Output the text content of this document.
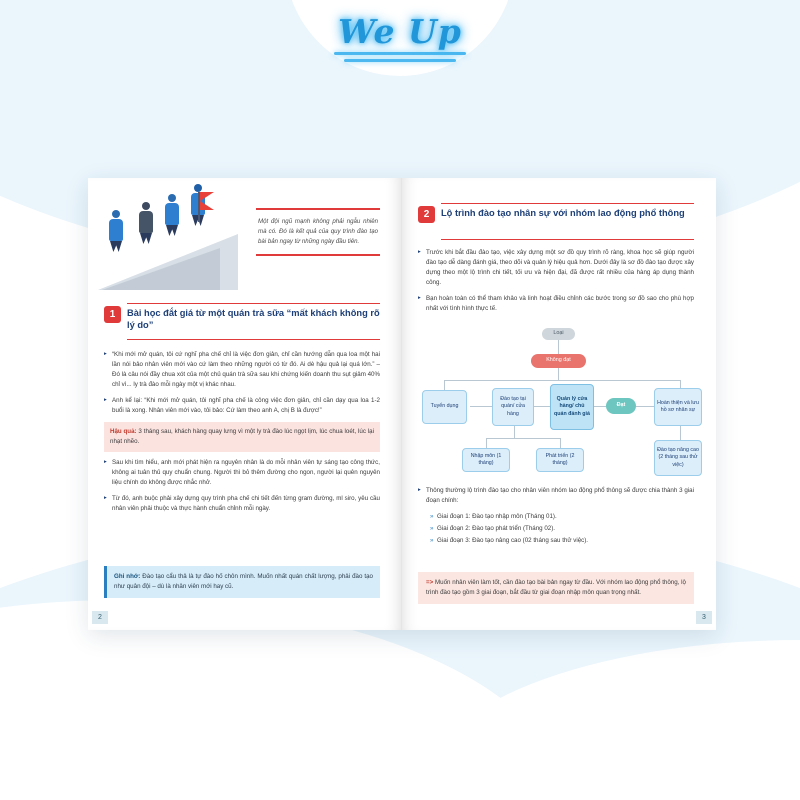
We Up
Một đội ngũ mạnh không phải ngẫu nhiên mà có. Đó là kết quả của quy trình đào tạo bài bản ngay từ những ngày đầu tiên.
1	Bài học đắt giá từ một quán trà sữa “mất khách không rõ lý do”
▸ “Khi mới mở quán, tôi cứ nghĩ pha chế chỉ là việc đơn giản, chỉ cần hướng dẫn qua loa một hai lần nói bảo nhân viên mới vào cứ làm theo những người có từ đó. Ai dè hậu quả lại quá lớn.” – Đó là câu nói đầy chua xót của một chủ quán trà sữa sau khi chứng kiến doanh thu sụt giảm 40% chỉ vì... ly trà đào mỗi ngày một vị khác nhau.
▸ Anh kể lại: “Khi mới mở quán, tôi nghĩ pha chế là công việc đơn giản, chỉ cần dạy qua loa 1-2 buổi là xong. Nhân viên mới vào, tôi bảo: Cứ làm theo anh A, chị B là được!”
Hậu quả: 3 tháng sau, khách hàng quay lưng vì một ly trà đào lúc ngọt lịm, lúc chua loét, lúc lại nhạt nhẽo.
▸ Sau khi tìm hiểu, anh mới phát hiện ra nguyên nhân là do mỗi nhân viên tự sáng tạo công thức, không ai tuân thủ quy chuẩn chung. Người thì bỏ thêm đường cho ngon, người lại quên nguyên liệu chính do không được nhắc nhở.
▸ Từ đó, anh buộc phải xây dựng quy trình pha chế chi tiết đến từng gram đường, ml siro, yêu cầu nhân viên phải thuộc và thực hành chuẩn chỉnh mỗi ngày.
Ghi nhớ: Đào tạo cẩu thả là tự đào hố chôn mình. Muốn nhất quán chất lượng, phải đào tạo như quân đội – dù là nhân viên mới hay cũ.
2
2	Lộ trình đào tạo nhân sự với nhóm lao động phổ thông
▸ Trước khi bắt đầu đào tạo, việc xây dựng một sơ đồ quy trình rõ ràng, khoa học sẽ giúp người đào tạo dễ dàng đánh giá, theo dõi và quản lý hiệu quả hơn. Dưới đây là sơ đồ đào tạo được xây dựng theo một lộ trình chi tiết, tối ưu và hiện đại, đã được rất nhiều của hàng áp dụng thành công.
▸ Bạn hoàn toàn có thể tham khảo và linh hoạt điều chỉnh các bước trong sơ đồ sao cho phù hợp nhất với tình hình thực tế.
Loại
Không đạt
Tuyển dụng
Đào tạo tại quán/ cửa hàng
Quản lý cửa hàng/ chủ quán đánh giá
Đạt	Hoàn thiện và lưu hồ sơ nhân sự
Nhập môn (1 tháng)
Phát triển (2 tháng)
Đào tạo nâng cao (2 tháng sau thử việc)
▸ Thông thường lộ trình đào tạo cho nhân viên nhóm lao động phổ thông sẽ được chia thành 3 giai đoạn chính:
» Giai đoạn 1: Đào tạo nhập môn (Tháng 01).
» Giai đoạn 2: Đào tạo phát triển (Tháng 02).
» Giai đoạn 3: Đào tạo nâng cao (02 tháng sau thử việc).
=> Muốn nhân viên làm tốt, cần đào tạo bài bản ngay từ đầu. Với nhóm lao động phổ thông, lộ trình đào tạo gồm 3 giai đoạn, bắt đầu từ giai đoạn nhập môn quan trọng nhất.
3
